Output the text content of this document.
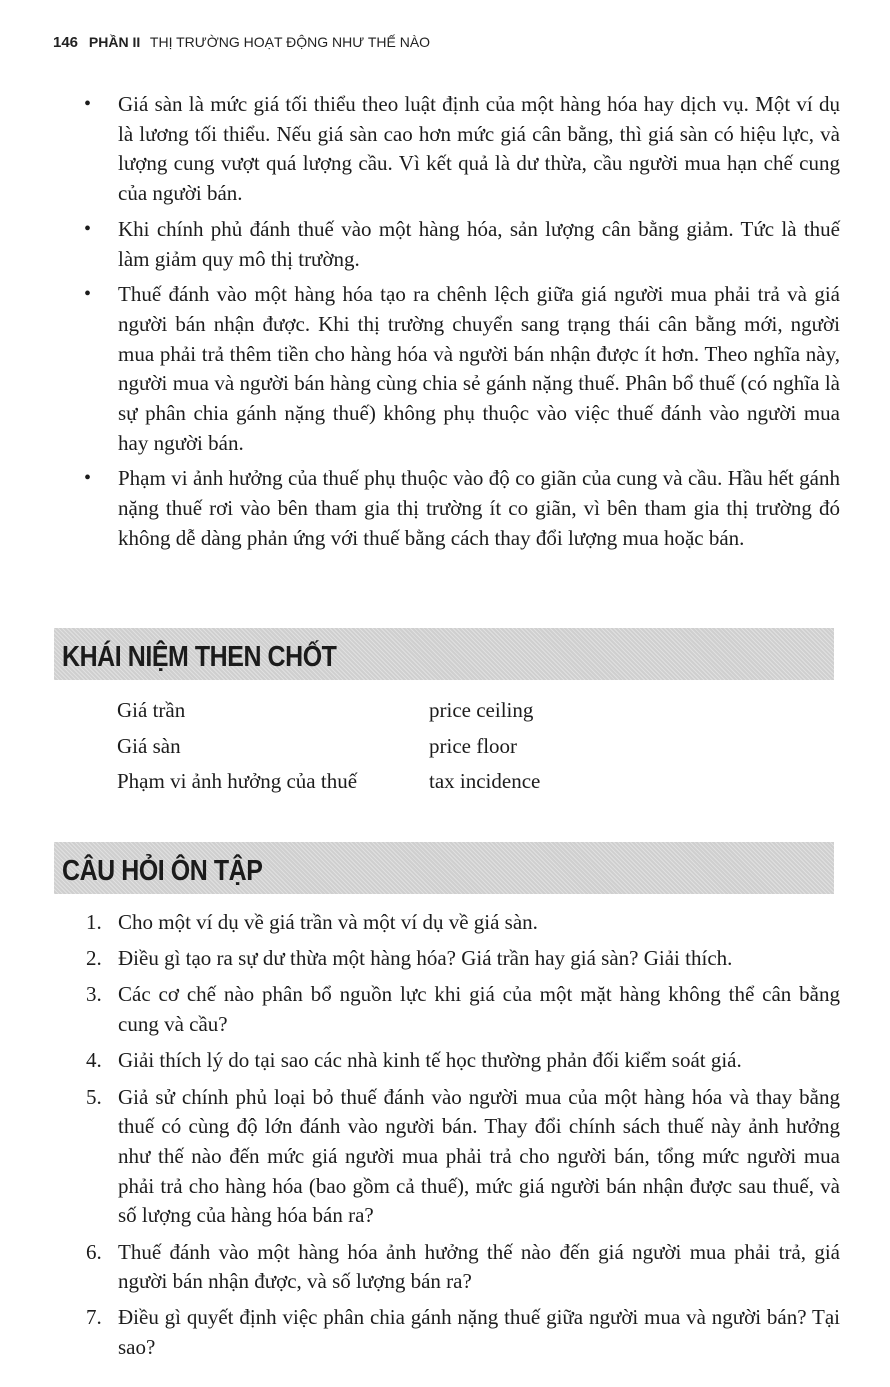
146 PHẦN II THỊ TRƯỜNG HOẠT ĐỘNG NHƯ THẾ NÀO
• Giá sàn là mức giá tối thiểu theo luật định của một hàng hóa hay dịch vụ. Một ví dụ là lương tối thiểu. Nếu giá sàn cao hơn mức giá cân bằng, thì giá sàn có hiệu lực, và lượng cung vượt quá lượng cầu. Vì kết quả là dư thừa, cầu người mua hạn chế cung của người bán.
• Khi chính phủ đánh thuế vào một hàng hóa, sản lượng cân bằng giảm. Tức là thuế làm giảm quy mô thị trường.
• Thuế đánh vào một hàng hóa tạo ra chênh lệch giữa giá người mua phải trả và giá người bán nhận được. Khi thị trường chuyển sang trạng thái cân bằng mới, người mua phải trả thêm tiền cho hàng hóa và người bán nhận được ít hơn. Theo nghĩa này, người mua và người bán hàng cùng chia sẻ gánh nặng thuế. Phân bổ thuế (có nghĩa là sự phân chia gánh nặng thuế) không phụ thuộc vào việc thuế đánh vào người mua hay người bán.
• Phạm vi ảnh hưởng của thuế phụ thuộc vào độ co giãn của cung và cầu. Hầu hết gánh nặng thuế rơi vào bên tham gia thị trường ít co giãn, vì bên tham gia thị trường đó không dễ dàng phản ứng với thuế bằng cách thay đổi lượng mua hoặc bán.
KHÁI NIỆM THEN CHỐT
Giá trần	price ceiling
Giá sàn	price floor
Phạm vi ảnh hưởng của thuế	tax incidence
CÂU HỎI ÔN TẬP
1. Cho một ví dụ về giá trần và một ví dụ về giá sàn.
2. Điều gì tạo ra sự dư thừa một hàng hóa? Giá trần hay giá sàn? Giải thích.
3. Các cơ chế nào phân bổ nguồn lực khi giá của một mặt hàng không thể cân bằng cung và cầu?
4. Giải thích lý do tại sao các nhà kinh tế học thường phản đối kiểm soát giá.
5. Giả sử chính phủ loại bỏ thuế đánh vào người mua của một hàng hóa và thay bằng thuế có cùng độ lớn đánh vào người bán. Thay đổi chính sách thuế này ảnh hưởng như thế nào đến mức giá người mua phải trả cho người bán, tổng mức người mua phải trả cho hàng hóa (bao gồm cả thuế), mức giá người bán nhận được sau thuế, và số lượng của hàng hóa bán ra?
6. Thuế đánh vào một hàng hóa ảnh hưởng thế nào đến giá người mua phải trả, giá người bán nhận được, và số lượng bán ra?
7. Điều gì quyết định việc phân chia gánh nặng thuế giữa người mua và người bán? Tại sao?
